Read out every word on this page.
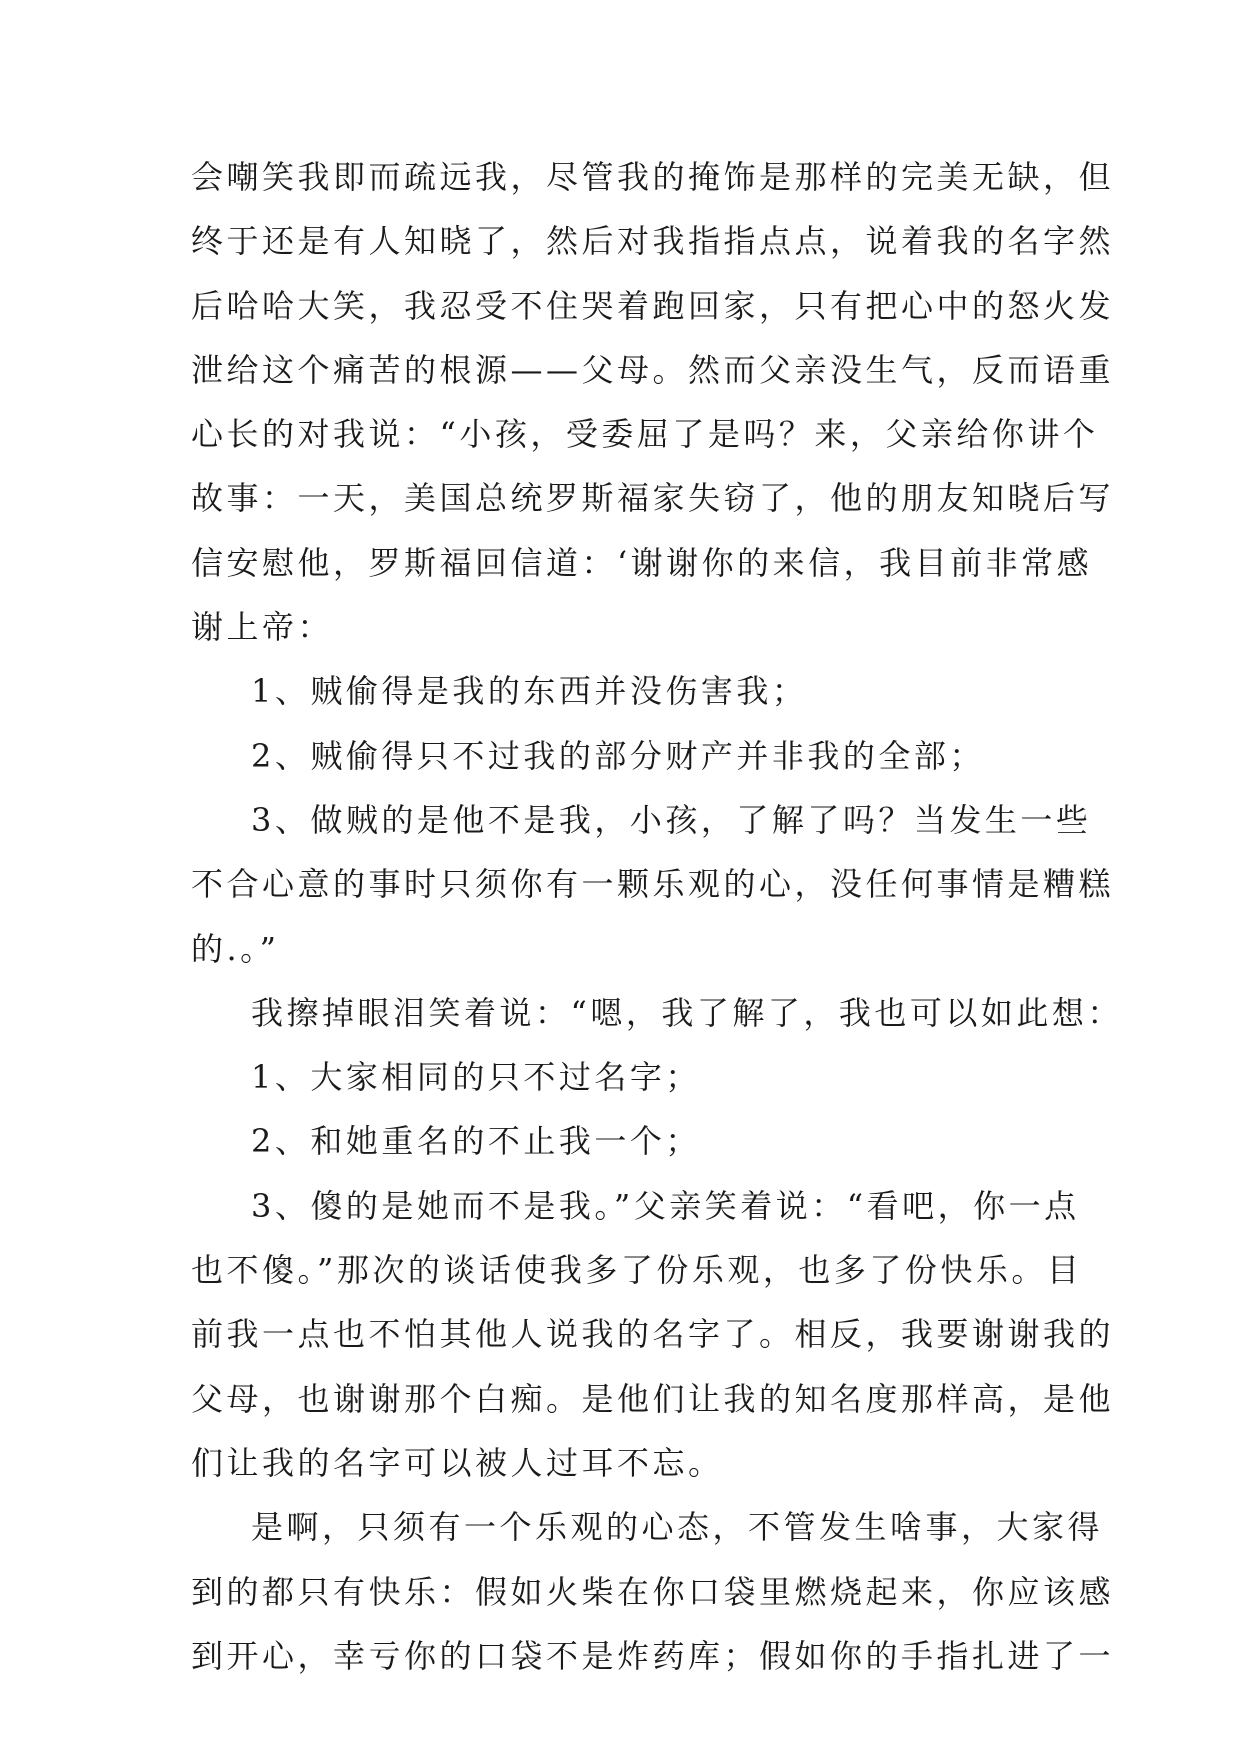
会嘲笑我即而疏远我，尽管我的掩饰是那样的完美无缺，但
终于还是有人知晓了，然后对我指指点点，说着我的名字然
后哈哈大笑，我忍受不住哭着跑回家，只有把心中的怒火发
泄给这个痛苦的根源——父母。然而父亲没生气，反而语重
心长的对我说：“小孩，受委屈了是吗？来，父亲给你讲个
故事：一天，美国总统罗斯福家失窃了，他的朋友知晓后写
信安慰他，罗斯福回信道：‘谢谢你的来信，我目前非常感
谢上帝：
1、贼偷得是我的东西并没伤害我；
2、贼偷得只不过我的部分财产并非我的全部；
3、做贼的是他不是我，小孩，了解了吗？当发生一些
不合心意的事时只须你有一颗乐观的心，没任何事情是糟糕
的.。”
我擦掉眼泪笑着说：“嗯，我了解了，我也可以如此想：
1、大家相同的只不过名字；
2、和她重名的不止我一个；
3、傻的是她而不是我。”父亲笑着说：“看吧，你一点
也不傻。”那次的谈话使我多了份乐观，也多了份快乐。目
前我一点也不怕其他人说我的名字了。相反，我要谢谢我的
父母，也谢谢那个白痴。是他们让我的知名度那样高，是他
们让我的名字可以被人过耳不忘。
是啊，只须有一个乐观的心态，不管发生啥事，大家得
到的都只有快乐：假如火柴在你口袋里燃烧起来，你应该感
到开心，幸亏你的口袋不是炸药库；假如你的手指扎进了一
